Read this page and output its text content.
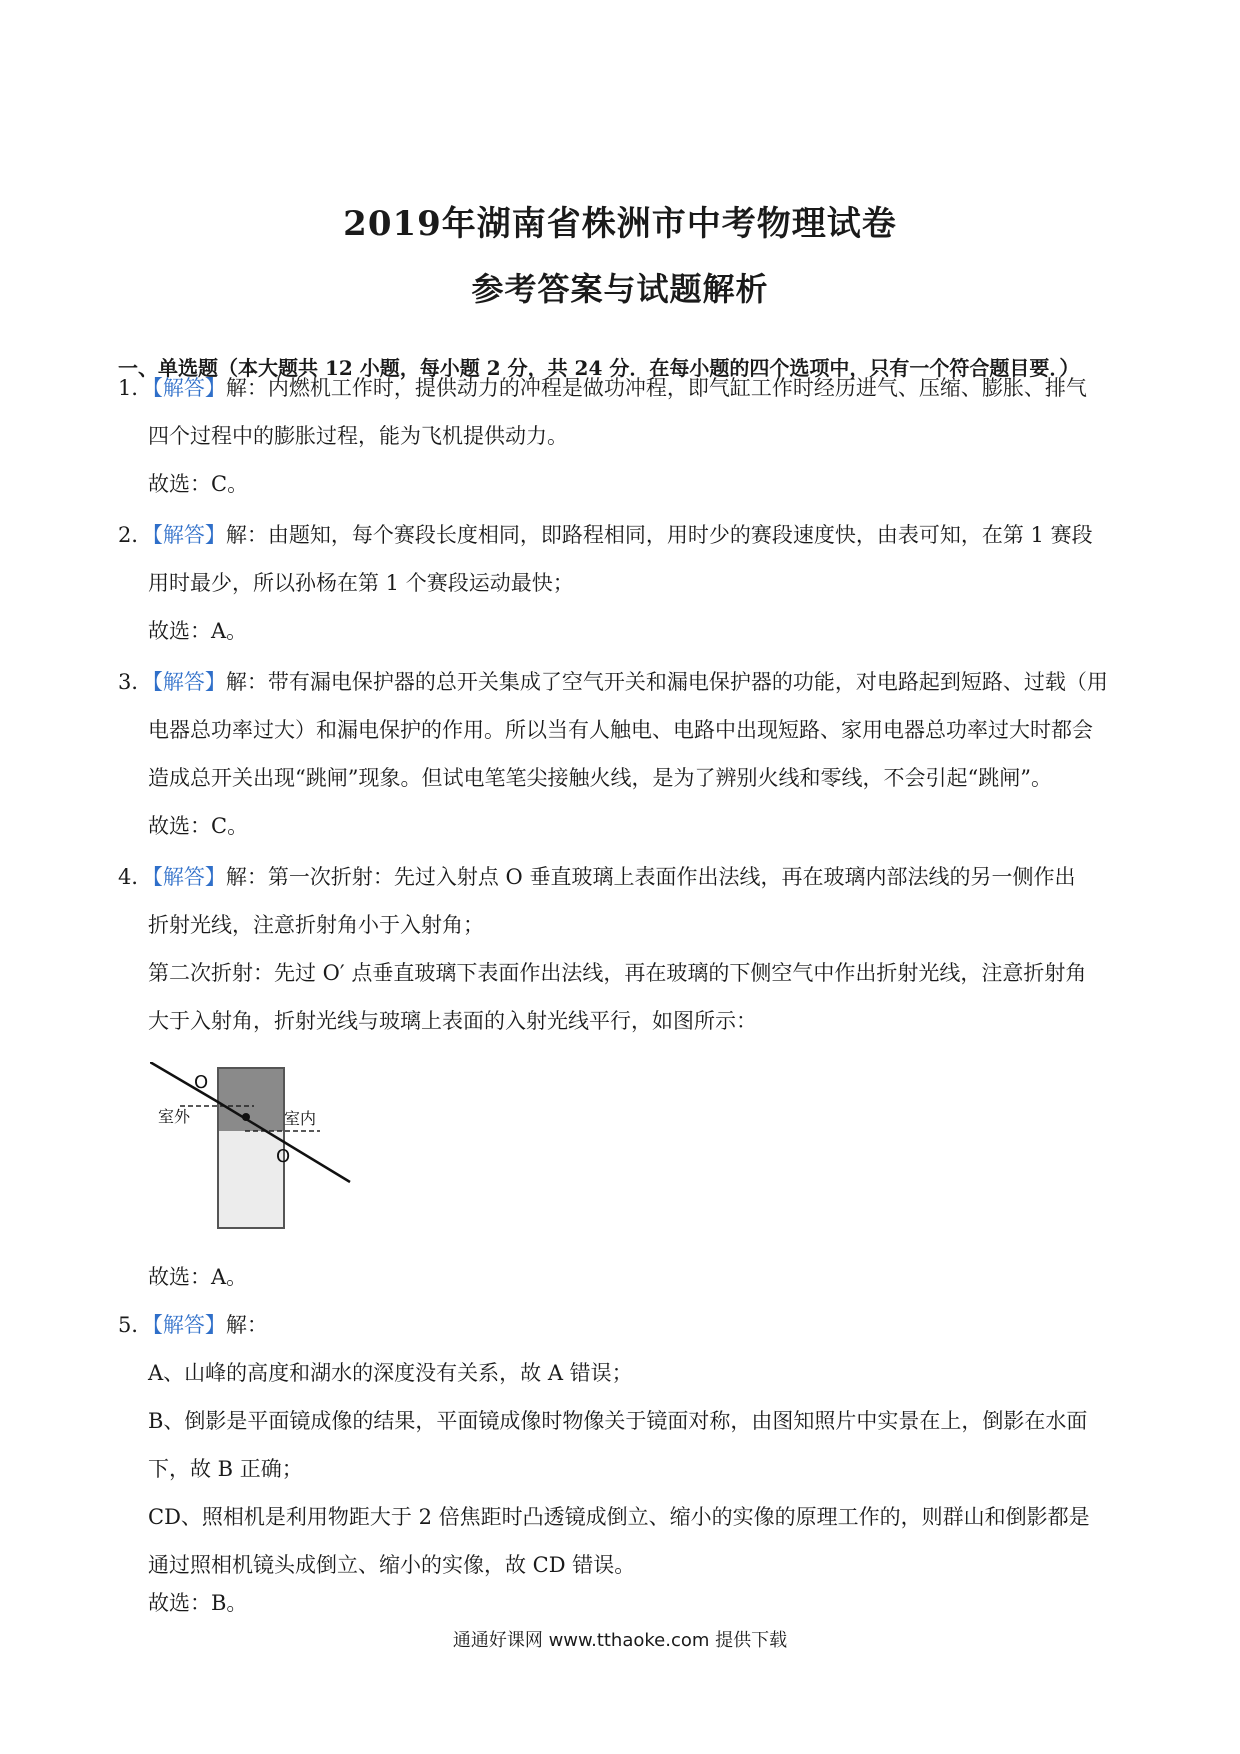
2019年湖南省株洲市中考物理试卷
参考答案与试题解析
一、单选题（本大题共 12 小题，每小题 2 分，共 24 分．在每小题的四个选项中，只有一个符合题目要．）
1．【解答】解：内燃机工作时，提供动力的冲程是做功冲程，即气缸工作时经历进气、压缩、膨胀、排气
四个过程中的膨胀过程，能为飞机提供动力。
故选：C。
2．【解答】解：由题知，每个赛段长度相同，即路程相同，用时少的赛段速度快，由表可知，在第 1 赛段
用时最少，所以孙杨在第 1 个赛段运动最快；
故选：A。
3．【解答】解：带有漏电保护器的总开关集成了空气开关和漏电保护器的功能，对电路起到短路、过载（用
电器总功率过大）和漏电保护的作用。所以当有人触电、电路中出现短路、家用电器总功率过大时都会
造成总开关出现“跳闸”现象。但试电笔笔尖接触火线，是为了辨别火线和零线，不会引起“跳闸”。
故选：C。
4．【解答】解：第一次折射：先过入射点 O 垂直玻璃上表面作出法线，再在玻璃内部法线的另一侧作出
折射光线，注意折射角小于入射角；
第二次折射：先过 O′ 点垂直玻璃下表面作出法线，再在玻璃的下侧空气中作出折射光线，注意折射角
大于入射角，折射光线与玻璃上表面的入射光线平行，如图所示：
O
O
室外	室内
故选：A。
5．【解答】解：
A、山峰的高度和湖水的深度没有关系，故 A 错误；
B、倒影是平面镜成像的结果，平面镜成像时物像关于镜面对称，由图知照片中实景在上，倒影在水面
下，故 B 正确；
CD、照相机是利用物距大于 2 倍焦距时凸透镜成倒立、缩小的实像的原理工作的，则群山和倒影都是
通过照相机镜头成倒立、缩小的实像，故 CD 错误。
故选：B。
通通好课网 www.tthaoke.com 提供下载
